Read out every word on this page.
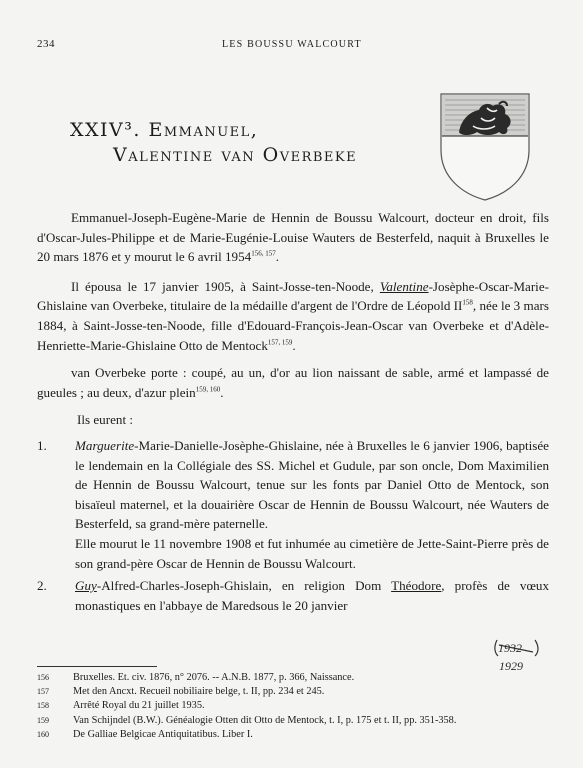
234	LES BOUSSU WALCOURT
XXIV³. Emmanuel,
Valentine van Overbeke

Emmanuel-Joseph-Eugène-Marie de Hennin de Boussu Walcourt, docteur en droit, fils d'Oscar-Jules-Philippe et de Marie-Eugénie-Louise Wauters de Besterfeld, naquit à Bruxelles le 20 mars 1876 et y mourut le 6 avril 1954$^{156, 157}$.

Il épousa le 17 janvier 1905, à Saint-Josse-ten-Noode, Valentine-Josèphe-Oscar-Marie-Ghislaine van Overbeke, titulaire de la médaille d'argent de l'Ordre de Léopold II$^{158}$, née le 3 mars 1884, à Saint-Josse-ten-Noode, fille d'Edouard-François-Jean-Oscar van Overbeke et d'Adèle-Henriette-Marie-Ghislaine Otto de Mentock$^{157, 159}$.

van Overbeke porte : coupé, au un, d'or au lion naissant de sable, armé et lampassé de gueules ; au deux, d'azur plein$^{159, 160}$.

Ils eurent :

1. Marguerite-Marie-Danielle-Josèphe-Ghislaine, née à Bruxelles le 6 janvier 1906, baptisée le lendemain en la Collégiale des SS. Michel et Gudule, par son oncle, Dom Maximilien de Hennin de Boussu Walcourt, tenue sur les fonts par Daniel Otto de Mentock, son bisaïeul maternel, et la douairière Oscar de Hennin de Boussu Walcourt, née Wauters de Besterfeld, sa grand-mère paternelle.
Elle mourut le 11 novembre 1908 et fut inhumée au cimetière de Jette-Saint-Pierre près de son grand-père Oscar de Hennin de Boussu Walcourt.
2. Guy-Alfred-Charles-Joseph-Ghislain, en religion Dom Théodore, profès de vœux monastiques en l'abbaye de Maredsous le 20 janvier
1932
1929
156 Bruxelles. Et. civ. 1876, n° 2076. -- A.N.B. 1877, p. 366, Naissance.
157 Met den Ancxt. Recueil nobiliaire belge, t. II, pp. 234 et 245.
158 Arrêté Royal du 21 juillet 1935.
159 Van Schijndel (B.W.). Généalogie Otten dit Otto de Mentock, t. I, p. 175 et t. II, pp. 351-358.
160 De Galliae Belgicae Antiquitatibus. Liber I.
